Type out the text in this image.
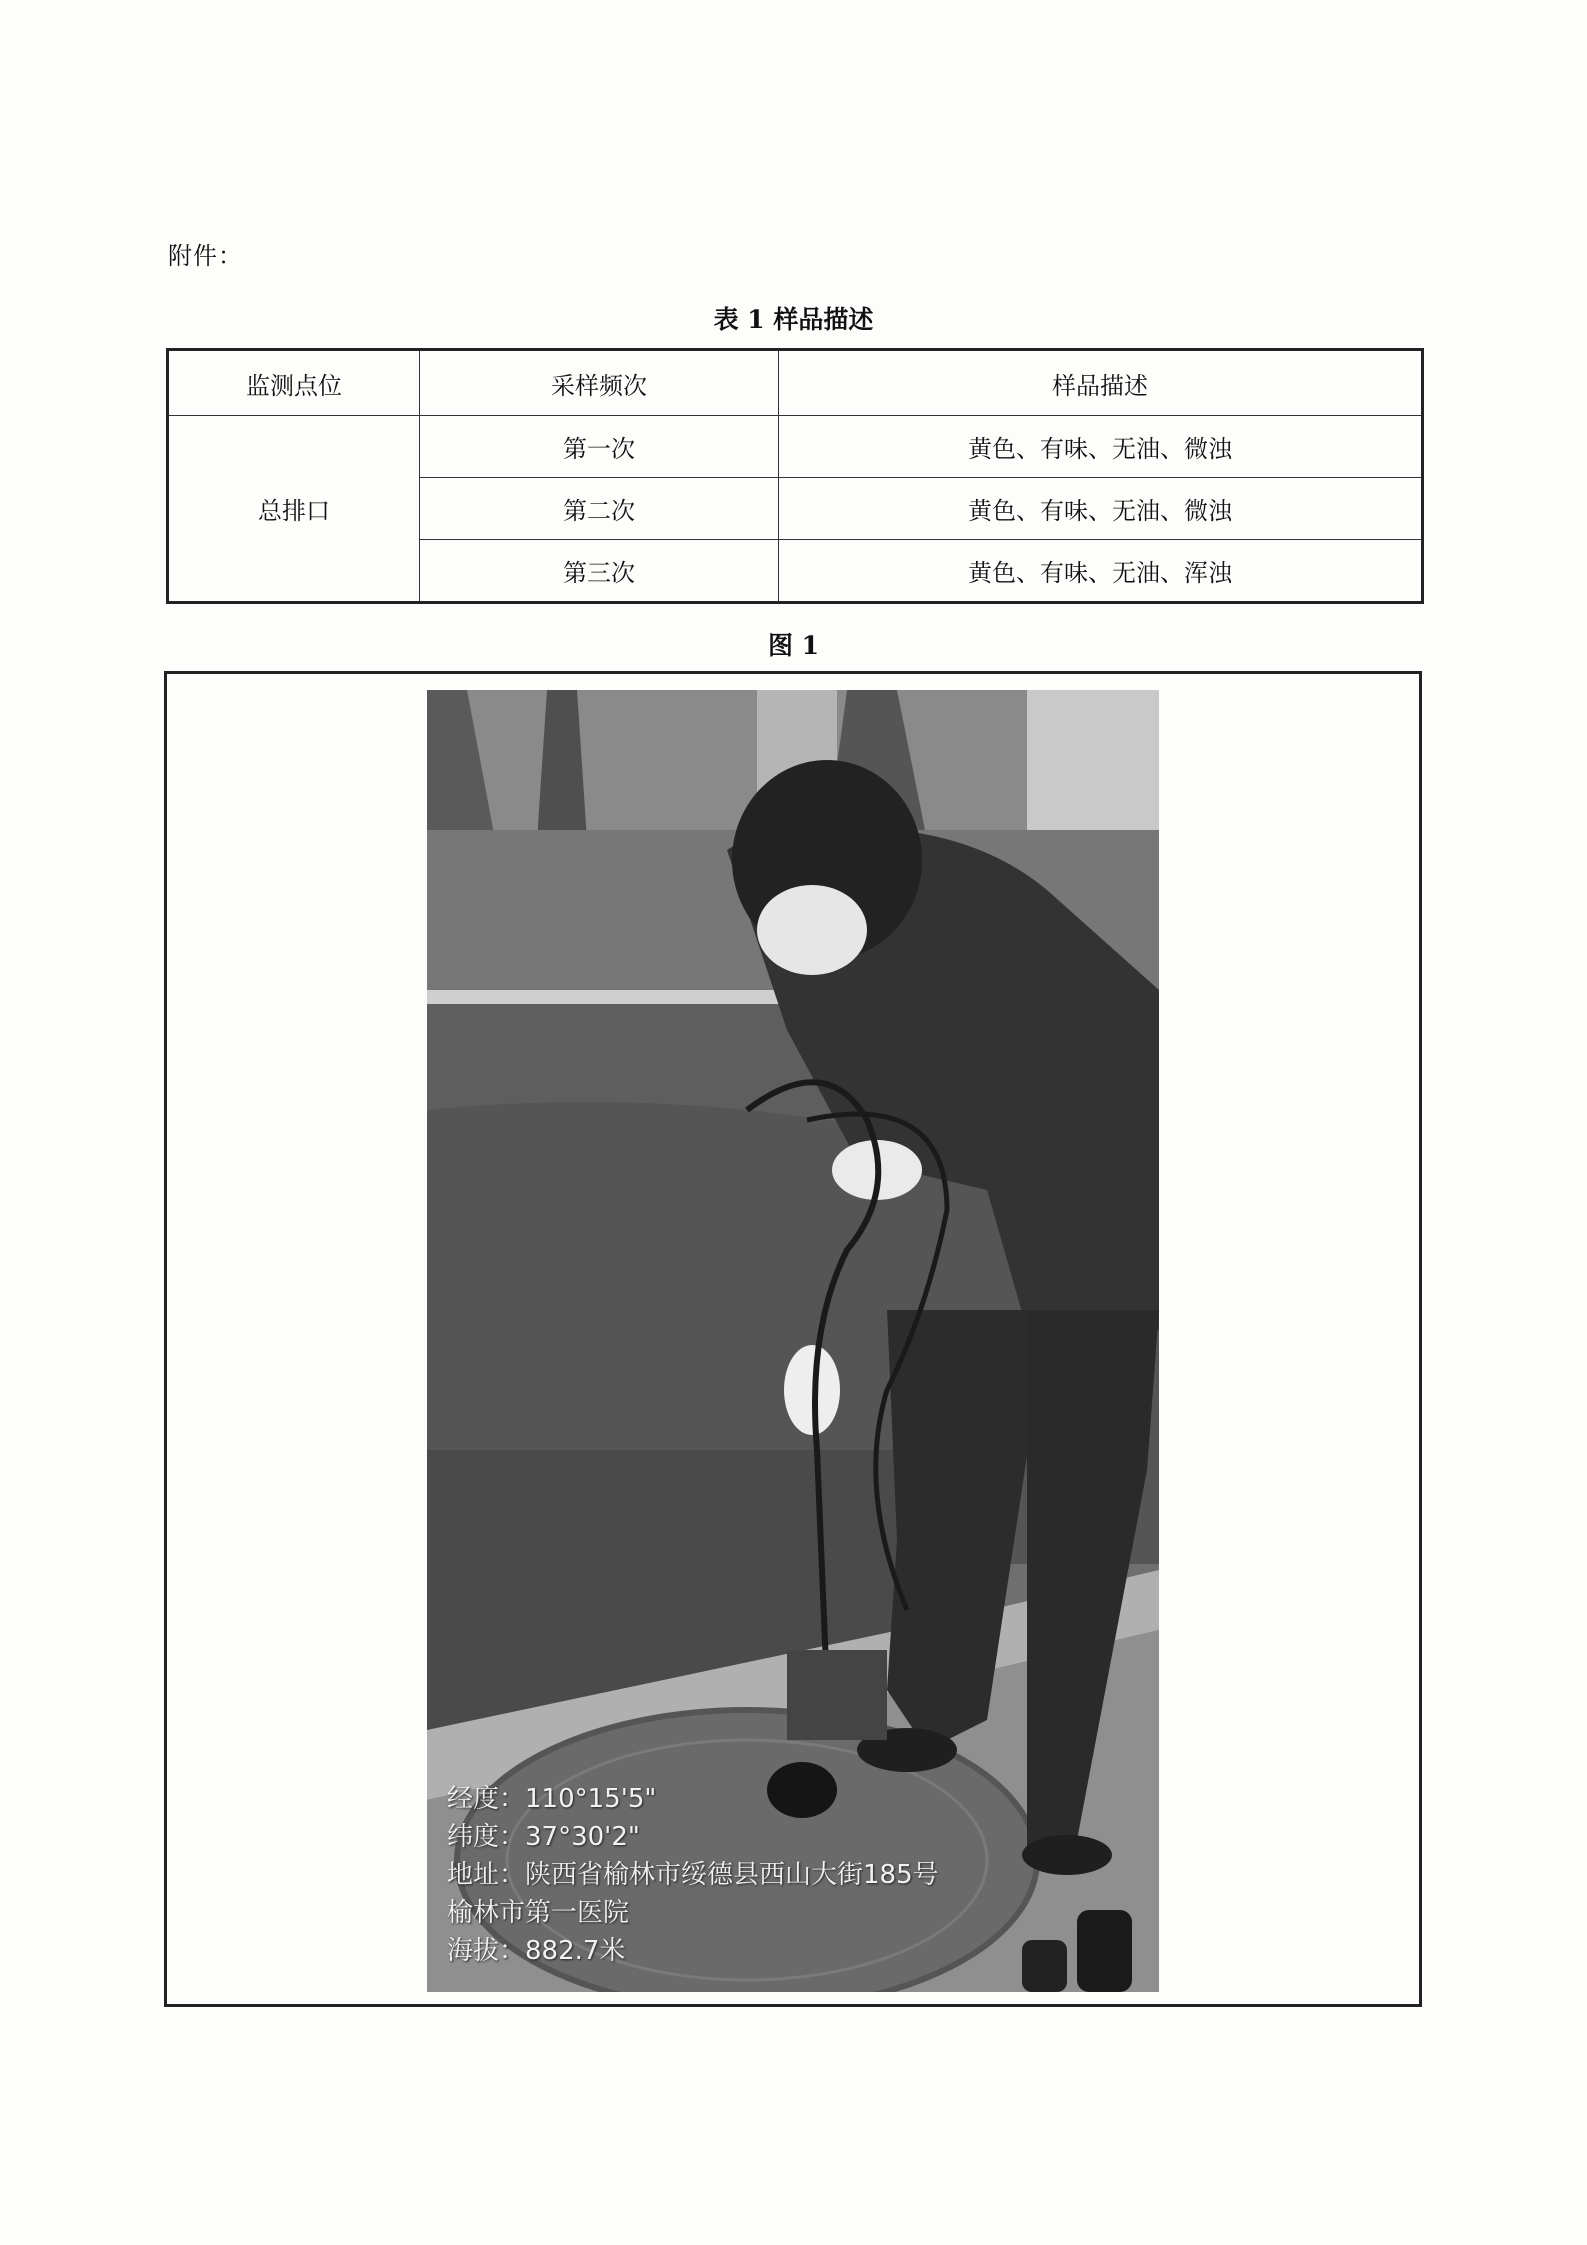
附件：
表 1 样品描述
监测点位	采样频次	样品描述
总排口	第一次	黄色、有味、无油、微浊
	第二次	黄色、有味、无油、微浊
	第三次	黄色、有味、无油、浑浊
图 1
经度：110°15'5"
纬度：37°30'2"
地址：陕西省榆林市绥德县西山大街185号
榆林市第一医院
海拔：882.7米
